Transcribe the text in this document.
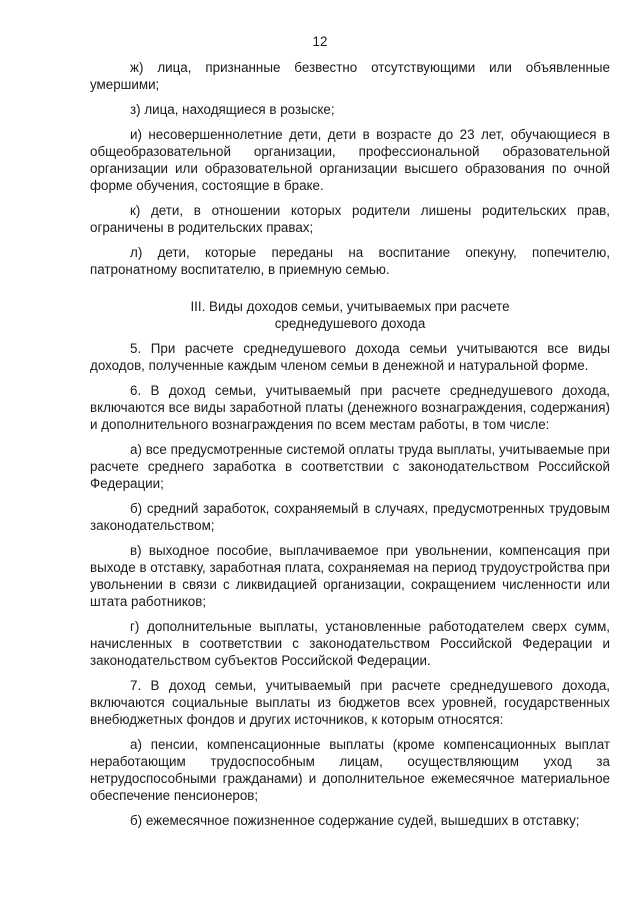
12

ж) лица, признанные безвестно отсутствующими или объявленные умершими;

з) лица, находящиеся в розыске;

и) несовершеннолетние дети, дети в возрасте до 23 лет, обучающиеся в общеобразовательной организации, профессиональной образовательной организации или образовательной организации высшего образования по очной форме обучения, состоящие в браке.

к) дети, в отношении которых родители лишены родительских прав, ограничены в родительских правах;

л) дети, которые переданы на воспитание опекуну, попечителю, патронатному воспитателю, в приемную семью.

III. Виды доходов семьи, учитываемых при расчете
среднедушевого дохода

5. При расчете среднедушевого дохода семьи учитываются все виды доходов, полученные каждым членом семьи в денежной и натуральной форме.

6. В доход семьи, учитываемый при расчете среднедушевого дохода, включаются все виды заработной платы (денежного вознаграждения, содержания) и дополнительного вознаграждения по всем местам работы, в том числе:

а) все предусмотренные системой оплаты труда выплаты, учитываемые при расчете среднего заработка в соответствии с законодательством Российской Федерации;

б) средний заработок, сохраняемый в случаях, предусмотренных трудовым законодательством;

в) выходное пособие, выплачиваемое при увольнении, компенсация при выходе в отставку, заработная плата, сохраняемая на период трудоустройства при увольнении в связи с ликвидацией организации, сокращением численности или штата работников;

г) дополнительные выплаты, установленные работодателем сверх сумм, начисленных в соответствии с законодательством Российской Федерации и законодательством субъектов Российской Федерации.

7. В доход семьи, учитываемый при расчете среднедушевого дохода, включаются социальные выплаты из бюджетов всех уровней, государственных внебюджетных фондов и других источников, к которым относятся:

а) пенсии, компенсационные выплаты (кроме компенсационных выплат неработающим трудоспособным лицам, осуществляющим уход за нетрудоспособными гражданами) и дополнительное ежемесячное материальное обеспечение пенсионеров;

б) ежемесячное пожизненное содержание судей, вышедших в отставку;
